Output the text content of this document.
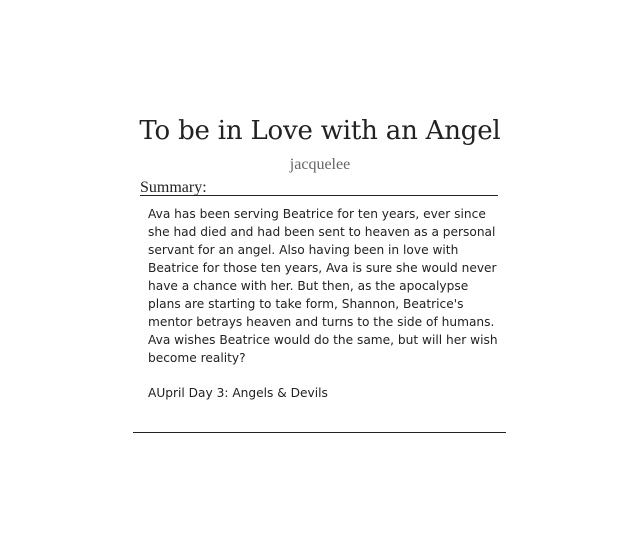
To be in Love with an Angel
jacquelee
Summary:

Ava has been serving Beatrice for ten years, ever since she had died and had been sent to heaven as a personal servant for an angel. Also having been in love with Beatrice for those ten years, Ava is sure she would never have a chance with her. But then, as the apocalypse plans are starting to take form, Shannon, Beatrice's mentor betrays heaven and turns to the side of humans. Ava wishes Beatrice would do the same, but will her wish become reality?

AUpril Day 3: Angels & Devils
